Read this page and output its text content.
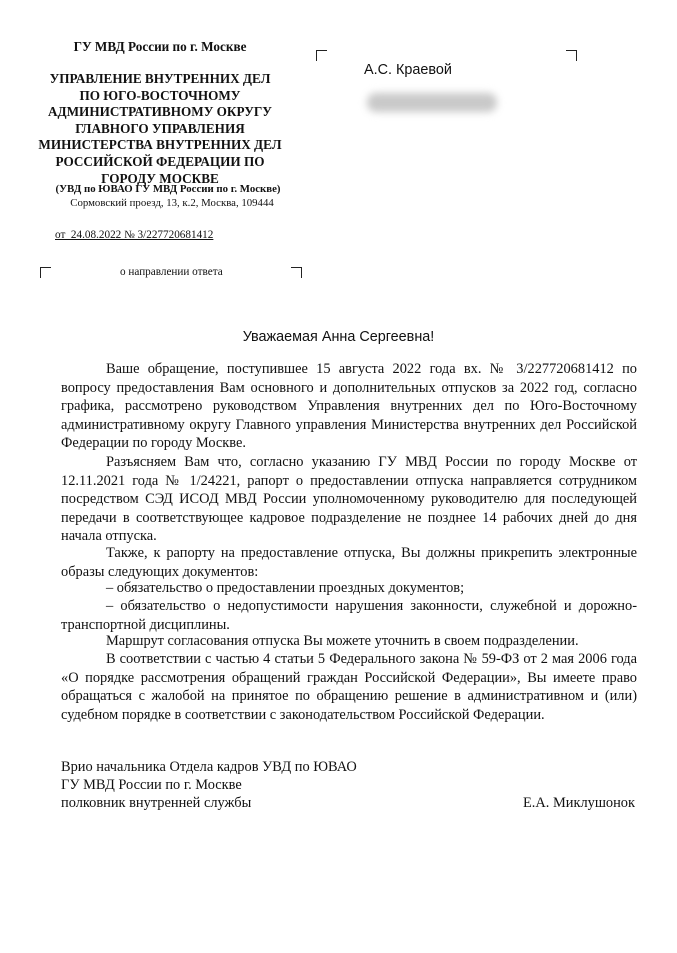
ГУ МВД России по г. Москве
УПРАВЛЕНИЕ ВНУТРЕННИХ ДЕЛ
ПО ЮГО-ВОСТОЧНОМУ
АДМИНИСТРАТИВНОМУ ОКРУГУ
ГЛАВНОГО УПРАВЛЕНИЯ
МИНИСТЕРСТВА ВНУТРЕННИХ ДЕЛ
РОССИЙСКОЙ ФЕДЕРАЦИИ ПО
ГОРОДУ МОСКВЕ
(УВД по ЮВАО ГУ МВД России по г. Москве)
Сормовский проезд, 13, к.2, Москва, 109444
от  24.08.2022 № 3/227720681412
о направлении ответа
А.С. Краевой
Уважаемая Анна Сергеевна!
Ваше обращение, поступившее 15 августа 2022 года вх. № 3/227720681412 по вопросу предоставления Вам основного и дополнительных отпусков за 2022 год, согласно графика, рассмотрено руководством Управления внутренних дел по Юго-Восточному административному округу Главного управления Министерства внутренних дел Российской Федерации по городу Москве.
Разъясняем Вам что, согласно указанию ГУ МВД России по городу Москве от 12.11.2021 года № 1/24221, рапорт о предоставлении отпуска направляется сотрудником посредством СЭД ИСОД МВД России уполномоченному руководителю для последующей передачи в соответствующее кадровое подразделение не позднее 14 рабочих дней до дня начала отпуска.
Также, к рапорту на предоставление отпуска, Вы должны прикрепить электронные образы следующих документов:
– обязательство о предоставлении проездных документов;
– обязательство о недопустимости нарушения законности, служебной и дорожно-транспортной дисциплины.
Маршрут согласования отпуска Вы можете уточнить в своем подразделении.
В соответствии с частью 4 статьи 5 Федерального закона № 59-ФЗ от 2 мая 2006 года «О порядке рассмотрения обращений граждан Российской Федерации», Вы имеете право обращаться с жалобой на принятое по обращению решение в административном и (или) судебном порядке в соответствии с законодательством Российской Федерации.
Врио начальника Отдела кадров УВД по ЮВАО
ГУ МВД России по г. Москве
полковник внутренней службы	Е.А. Миклушонок
